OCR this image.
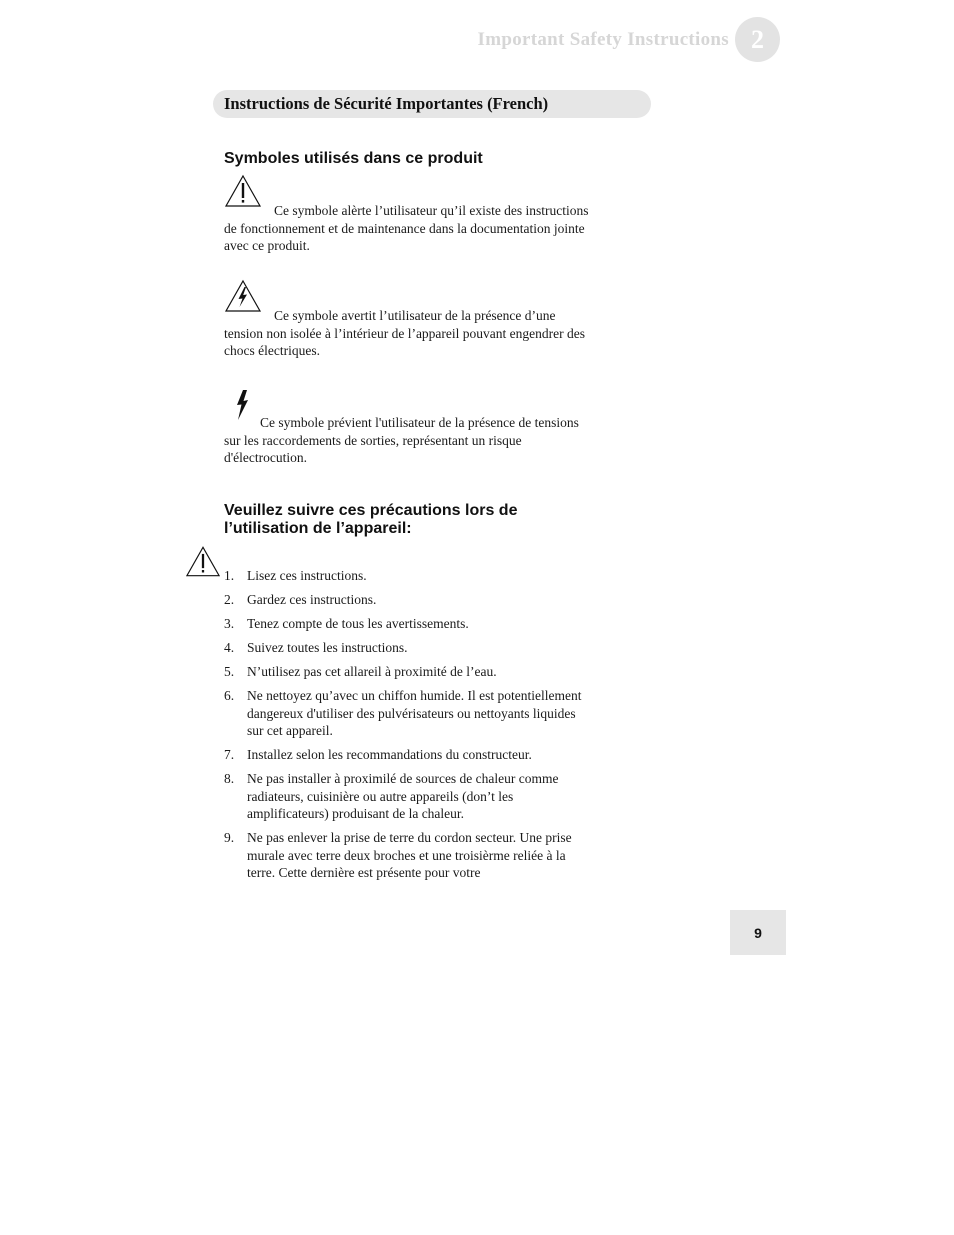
Important Safety Instructions 2
Instructions de Sécurité Importantes (French)
Symboles utilisés dans ce produit

Ce symbole alèrte l’utilisateur qu’il existe des instructions de fonctionnement et de maintenance dans la documentation jointe avec ce produit.

Ce symbole avertit l’utilisateur de la présence d’une tension non isolée à l’intérieur de l’appareil pouvant engendrer des chocs électriques.

Ce symbole prévient l'utilisateur de la présence de tensions sur les raccordements de sorties, représentant un risque d'électrocution.

Veuillez suivre ces précautions lors de
l’utilisation de l’appareil:
1. Lisez ces instructions.
2. Gardez ces instructions.
3. Tenez compte de tous les avertissements.
4. Suivez toutes les instructions.
5. N’utilisez pas cet allareil à proximité de l’eau.
6. Ne nettoyez qu’avec un chiffon humide. Il est potentiellement dangereux d'utiliser des pulvérisateurs ou nettoyants liquides sur cet appareil.
7. Installez selon les recommandations du constructeur.
8. Ne pas installer à proximilé de sources de chaleur comme radiateurs, cuisinière ou autre appareils (don’t les amplificateurs) produisant de la chaleur.
9. Ne pas enlever la prise de terre du cordon secteur. Une prise murale avec terre deux broches et une troisièrme reliée à la terre. Cette dernière est présente pour votre
9
